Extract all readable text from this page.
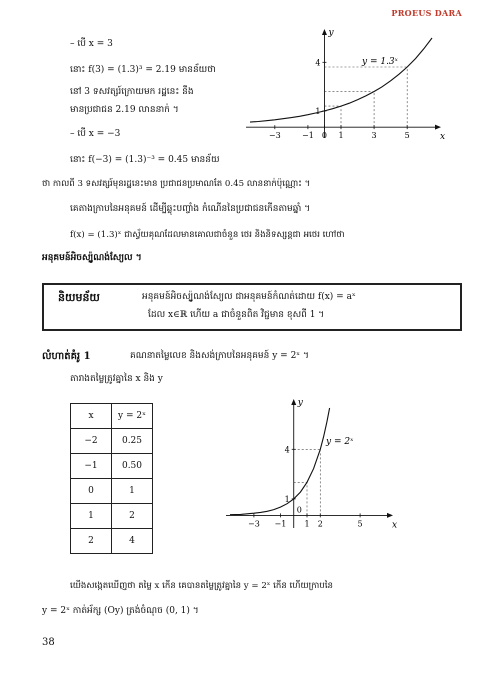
PROEUS DARA
– បើ x = 3
នោះ f(3) = (1.3)³ = 2.19 មានន័យថា
នៅ 3 ទសវត្សរ៍ក្រោយមក រដ្ឋនេះ នឹង
មានប្រជាជន 2.19 លាននាក់ ។
– បើ x = −3
នោះ f(−3) = (1.3)⁻³ = 0.45 មានន័យ
ថា កាលពី 3 ទសវត្សរ៍មុនរដ្ឋនេះមាន ប្រជាជនប្រមាណតែ 0.45 លាននាក់ប៉ុណ្ណោះ ។
គេតាងក្រាបនៃអនុគមន៍ ដើម្បីឆ្លុះបញ្ចាំង កំណើននៃប្រជាជនកើនតាមឆ្នាំ ។
f(x) = (1.3)ˣ ជាស្វ័យគុណដែលមានគោលជាចំនួន ថេរ និងនិទស្សន្តជា អថេរ ហៅថា
អនុគមន៍អិចស្ប៉ូណង់ស្យែល ។
x
y
−3	−1 0 1	3	5
1
4	y = 1.3ˣ
និយមន័យ	អនុគមន៍អិចស្ប៉ូណង់ស្យែល ជាអនុគមន៍កំណត់ដោយ f(x) = aˣ
ដែល x∈ℝ ហើយ a ជាចំនួនពិត វិជ្ជមាន ខុសពី 1 ។
លំហាត់គំរូ 1	គណនាតម្លៃលេខ និងសង់ក្រាបនៃអនុគមន៍ y = 2ˣ ។
តារាងតម្លៃត្រូវគ្នានៃ x និង y
x	y = 2ˣ
−2	0.25
−1	0.50
0	1
1	2
2	4
x
y
−3 −1 1 2	5
1
4
0
y = 2ˣ
យើងសង្កេតឃើញថា តម្លៃ x កើន គេបានតម្លៃត្រូវគ្នានៃ y = 2ˣ កើន ហើយក្រាបនៃ
y = 2ˣ កាត់អ័ក្ស (Oy) ត្រង់ចំណុច (0, 1) ។
38
